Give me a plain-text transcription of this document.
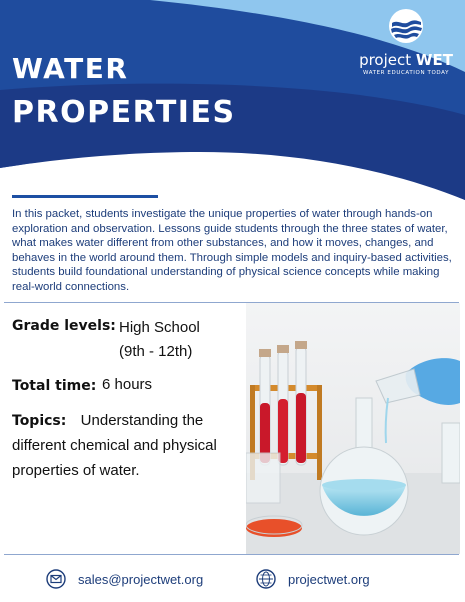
WATER
PROPERTIES
project WET
WATER EDUCATION TODAY

In this packet, students investigate the unique properties of water through hands-on exploration and observation. Lessons guide students through the three states of water, what makes water different from other substances, and how it moves, changes, and behaves in the world around them. Through simple models and inquiry-based activities, students build foundational understanding of physical science concepts while making real-world connections.

Grade levels: High School
(9th - 12th)
Total time: 6 hours
Topics: Understanding the different chemical and physical properties of water.
sales@projectwet.org	projectwet.org
